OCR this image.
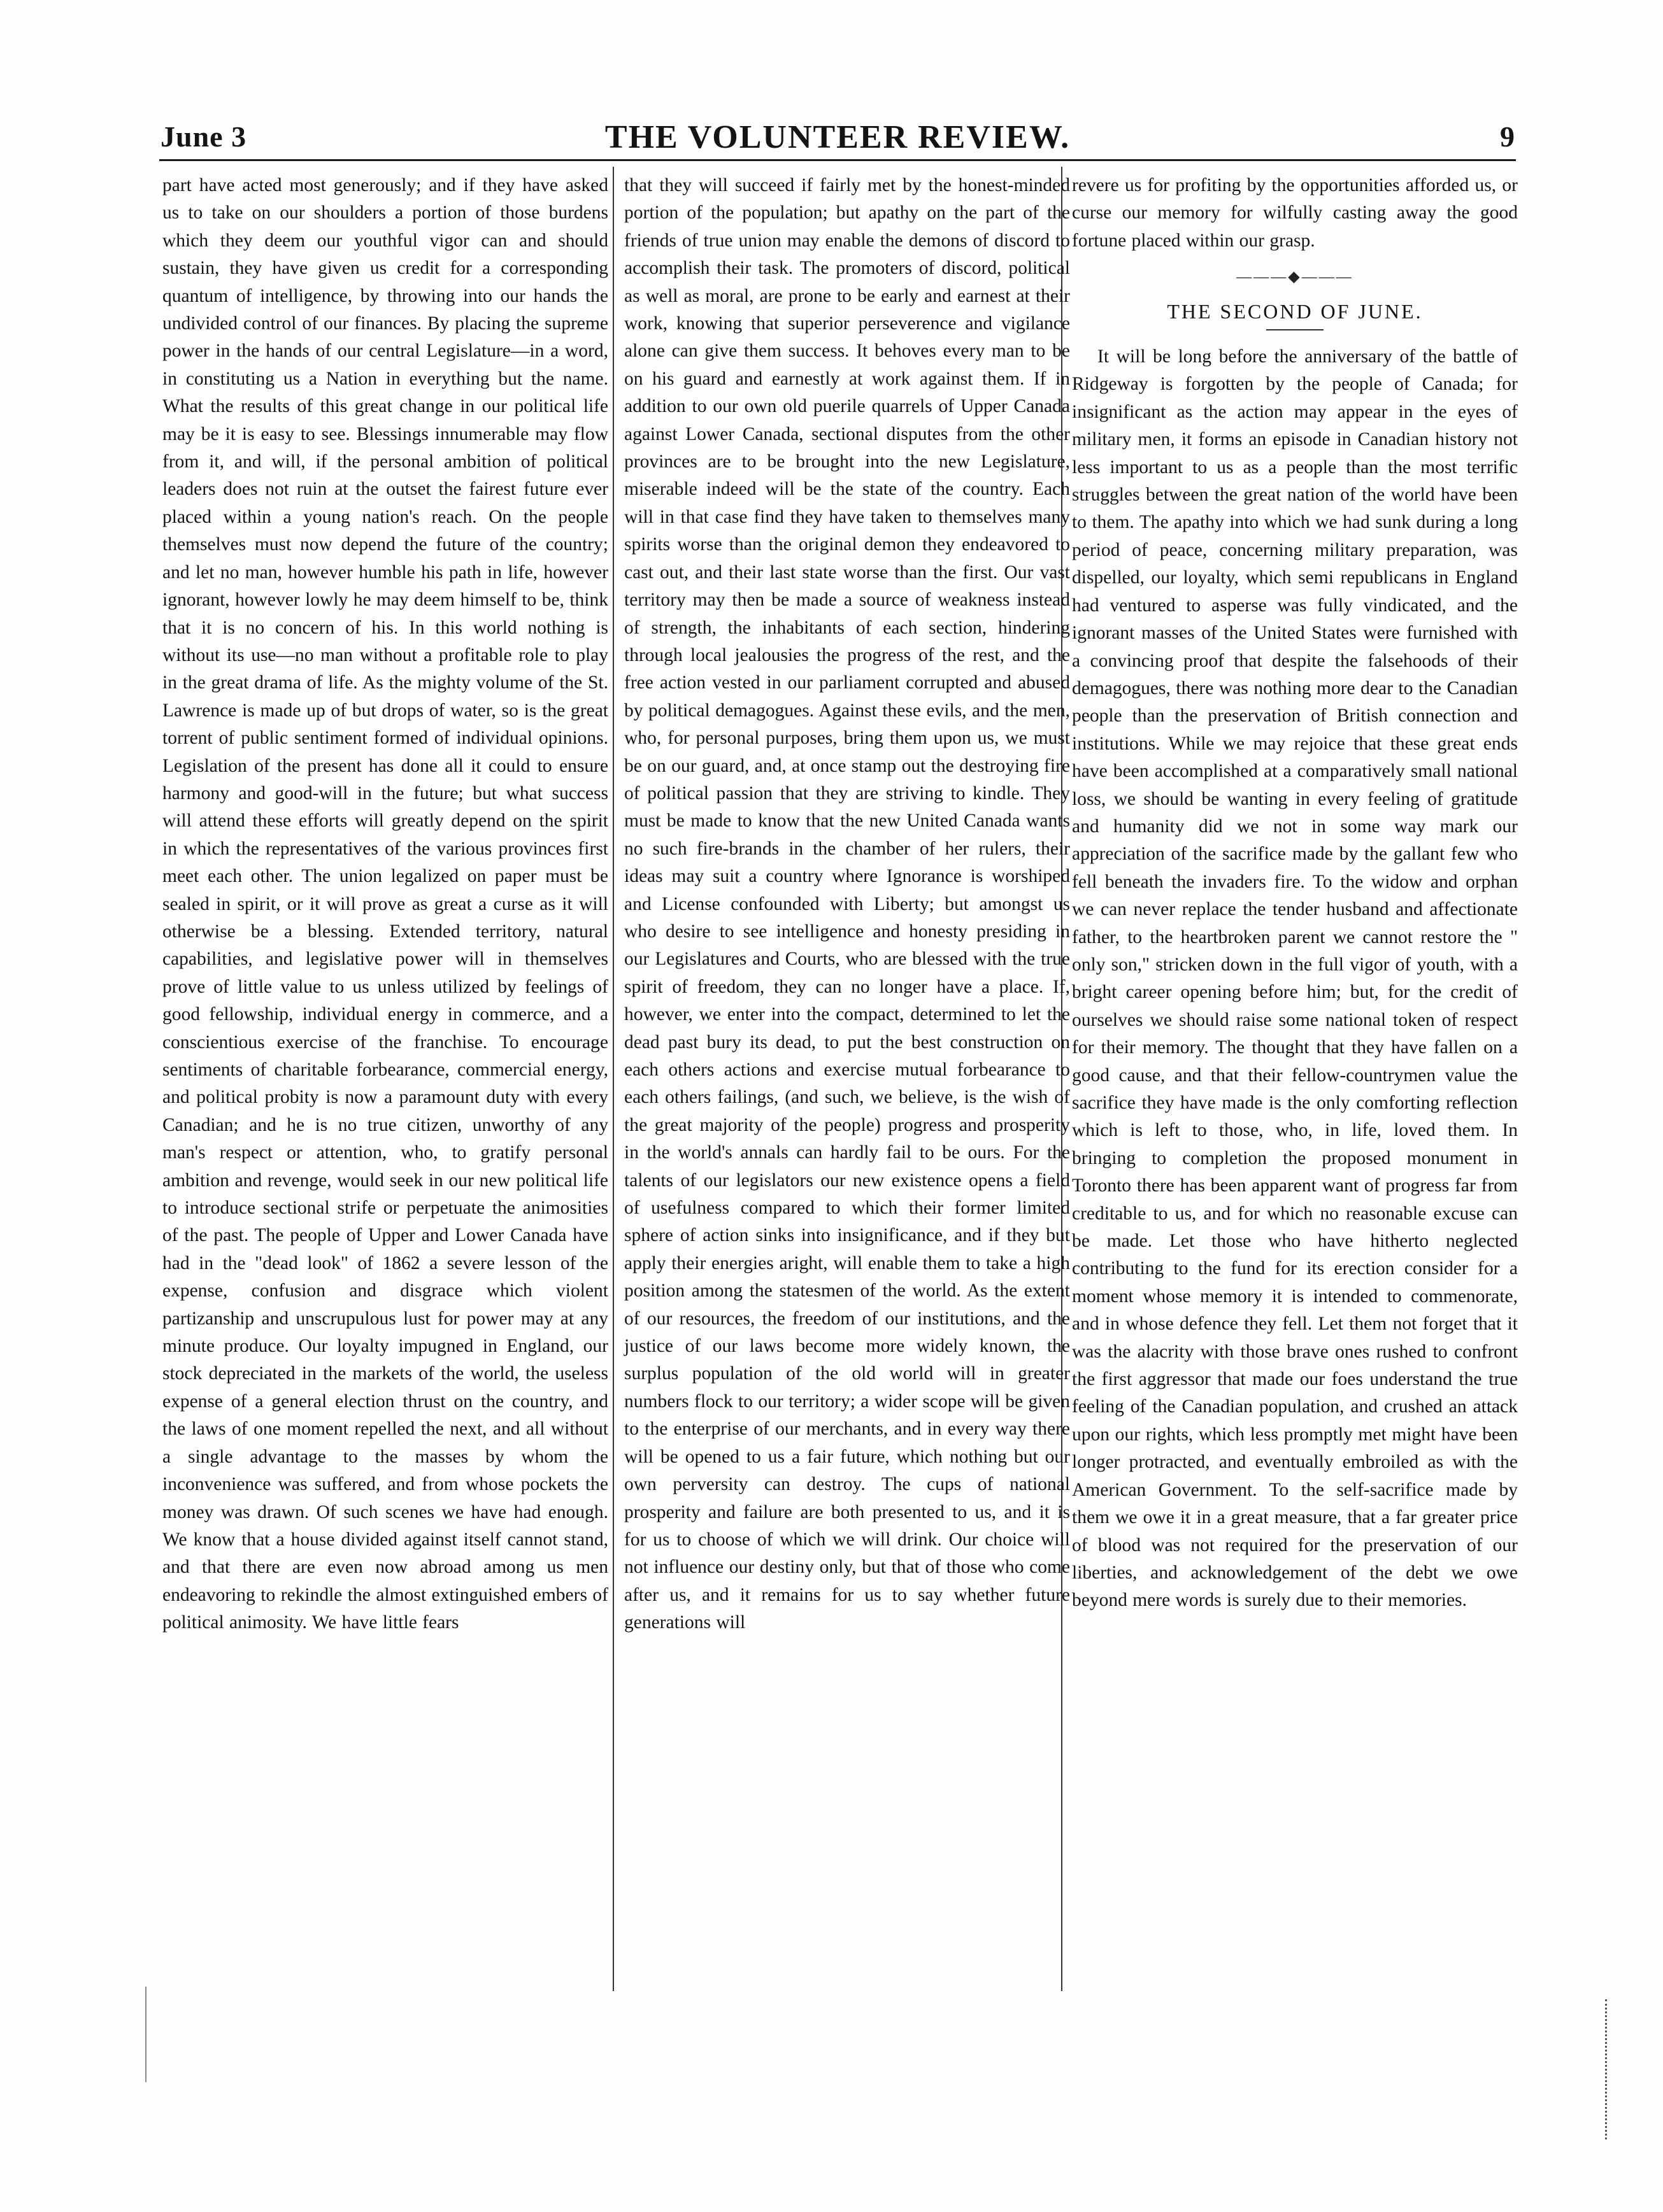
June 3	THE VOLUNTEER REVIEW.	9

part have acted most generously; and if they have asked us to take on our shoulders a portion of those burdens which they deem our youthful vigor can and should sustain, they have given us credit for a corresponding quantum of intelligence, by throwing into our hands the undivided control of our finances. By placing the supreme power in the hands of our central Legislature—in a word, in constituting us a Nation in everything but the name. What the results of this great change in our political life may be it is easy to see. Blessings innumerable may flow from it, and will, if the personal ambition of political leaders does not ruin at the outset the fairest future ever placed within a young nation's reach. On the people themselves must now depend the future of the country; and let no man, however humble his path in life, however ignorant, however lowly he may deem himself to be, think that it is no concern of his. In this world nothing is without its use—no man without a profitable role to play in the great drama of life. As the mighty volume of the St. Lawrence is made up of but drops of water, so is the great torrent of public sentiment formed of individual opinions. Legislation of the present has done all it could to ensure harmony and good-will in the future; but what success will attend these efforts will greatly depend on the spirit in which the representatives of the various provinces first meet each other. The union legalized on paper must be sealed in spirit, or it will prove as great a curse as it will otherwise be a blessing. Extended territory, natural capabilities, and legislative power will in themselves prove of little value to us unless utilized by feelings of good fellowship, individual energy in commerce, and a conscientious exercise of the franchise. To encourage sentiments of charitable forbearance, commercial energy, and political probity is now a paramount duty with every Canadian; and he is no true citizen, unworthy of any man's respect or attention, who, to gratify personal ambition and revenge, would seek in our new political life to introduce sectional strife or perpetuate the animosities of the past. The people of Upper and Lower Canada have had in the "dead look" of 1862 a severe lesson of the expense, confusion and disgrace which violent partizanship and unscrupulous lust for power may at any minute produce. Our loyalty impugned in England, our stock depreciated in the markets of the world, the useless expense of a general election thrust on the country, and the laws of one moment repelled the next, and all without a single advantage to the masses by whom the inconvenience was suffered, and from whose pockets the money was drawn. Of such scenes we have had enough. We know that a house divided against itself cannot stand, and that there are even now abroad among us men endeavoring to rekindle the almost extinguished embers of political animosity. We have little fears

that they will succeed if fairly met by the honest-minded portion of the population; but apathy on the part of the friends of true union may enable the demons of discord to accomplish their task. The promoters of discord, political as well as moral, are prone to be early and earnest at their work, knowing that superior perseverence and vigilance alone can give them success. It behoves every man to be on his guard and earnestly at work against them. If in addition to our own old puerile quarrels of Upper Canada against Lower Canada, sectional disputes from the other provinces are to be brought into the new Legislature, miserable indeed will be the state of the country. Each will in that case find they have taken to themselves many spirits worse than the original demon they endeavored to cast out, and their last state worse than the first. Our vast territory may then be made a source of weakness instead of strength, the inhabitants of each section, hindering through local jealousies the progress of the rest, and the free action vested in our parliament corrupted and abused by political demagogues. Against these evils, and the men, who, for personal purposes, bring them upon us, we must be on our guard, and, at once stamp out the destroying fire of political passion that they are striving to kindle. They must be made to know that the new United Canada wants no such fire-brands in the chamber of her rulers, their ideas may suit a country where Ignorance is worshiped and License confounded with Liberty; but amongst us who desire to see intelligence and honesty presiding in our Legislatures and Courts, who are blessed with the true spirit of freedom, they can no longer have a place. If, however, we enter into the compact, determined to let the dead past bury its dead, to put the best construction on each others actions and exercise mutual forbearance to each others failings, (and such, we believe, is the wish of the great majority of the people) progress and prosperity in the world's annals can hardly fail to be ours. For the talents of our legislators our new existence opens a field of usefulness compared to which their former limited sphere of action sinks into insignificance, and if they but apply their energies aright, will enable them to take a high position among the statesmen of the world. As the extent of our resources, the freedom of our institutions, and the justice of our laws become more widely known, the surplus population of the old world will in greater numbers flock to our territory; a wider scope will be given to the enterprise of our merchants, and in every way there will be opened to us a fair future, which nothing but our own perversity can destroy. The cups of national prosperity and failure are both presented to us, and it is for us to choose of which we will drink. Our choice will not influence our destiny only, but that of those who come after us, and it remains for us to say whether future generations will

revere us for profiting by the opportunities afforded us, or curse our memory for wilfully casting away the good fortune placed within our grasp.

———◆———
THE SECOND OF JUNE.

It will be long before the anniversary of the battle of Ridgeway is forgotten by the people of Canada; for insignificant as the action may appear in the eyes of military men, it forms an episode in Canadian history not less important to us as a people than the most terrific struggles between the great nation of the world have been to them. The apathy into which we had sunk during a long period of peace, concerning military preparation, was dispelled, our loyalty, which semi republicans in England had ventured to asperse was fully vindicated, and the ignorant masses of the United States were furnished with a convincing proof that despite the falsehoods of their demagogues, there was nothing more dear to the Canadian people than the preservation of British connection and institutions. While we may rejoice that these great ends have been accomplished at a comparatively small national loss, we should be wanting in every feeling of gratitude and humanity did we not in some way mark our appreciation of the sacrifice made by the gallant few who fell beneath the invaders fire. To the widow and orphan we can never replace the tender husband and affectionate father, to the heartbroken parent we cannot restore the " only son," stricken down in the full vigor of youth, with a bright career opening before him; but, for the credit of ourselves we should raise some national token of respect for their memory. The thought that they have fallen on a good cause, and that their fellow-countrymen value the sacrifice they have made is the only comforting reflection which is left to those, who, in life, loved them. In bringing to completion the proposed monument in Toronto there has been apparent want of progress far from creditable to us, and for which no reasonable excuse can be made. Let those who have hitherto neglected contributing to the fund for its erection consider for a moment whose memory it is intended to commenorate, and in whose defence they fell. Let them not forget that it was the alacrity with those brave ones rushed to confront the first aggressor that made our foes understand the true feeling of the Canadian population, and crushed an attack upon our rights, which less promptly met might have been longer protracted, and eventually embroiled as with the American Government. To the self-sacrifice made by them we owe it in a great measure, that a far greater price of blood was not required for the preservation of our liberties, and acknowledgement of the debt we owe beyond mere words is surely due to their memories.
